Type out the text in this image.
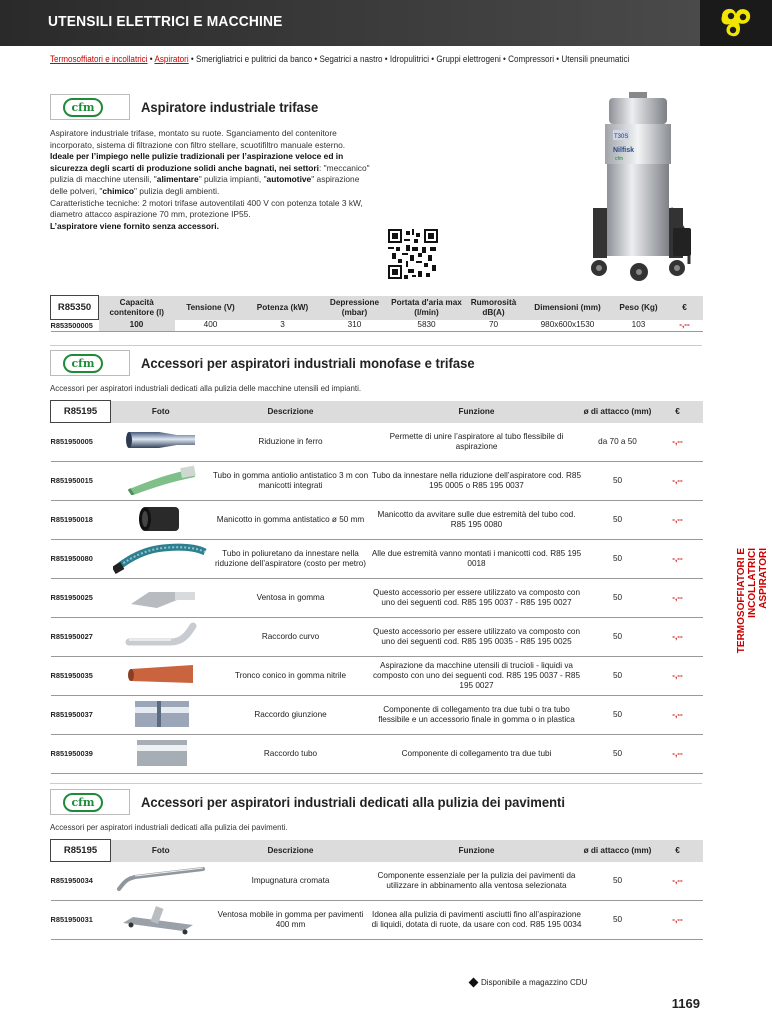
UTENSILI ELETTRICI E MACCHINE
Termosoffiatori e incollatrici • Aspiratori • Smerigliatrici e pulitrici da banco • Segatrici a nastro • Idropulitrici • Gruppi elettrogeni • Compressori • Utensili pneumatici
cfm	Aspiratore industriale trifase
Aspiratore industriale trifase, montato su ruote. Sganciamento del contenitore incorporato, sistema di filtrazione con filtro stellare, scuotifiltro manuale esterno. Ideale per l’impiego nelle pulizie tradizionali per l’aspirazione veloce ed in sicurezza degli scarti di produzione solidi anche bagnati, nei settori: "meccanico" pulizia di macchine utensili, "alimentare" pulizia impianti, "automotive" aspirazione delle polveri, "chimico" pulizia degli ambienti.
Caratteristiche tecniche: 2 motori trifase autoventilati 400 V con potenza totale 3 kW, diametro attacco aspirazione 70 mm, protezione IP55.
L’aspiratore viene fornito senza accessori.
T30S
Nilfisk
cfm
R85350	Capacità contenitore (l)	Tensione (V)	Potenza (kW)	Depressione (mbar)	Portata d'aria max (l/min)	Rumorosità dB(A)	Dimensioni (mm)	Peso (Kg)	€
R853500005	100	400	3	310	5830	70	980x600x1530	103	-,--
cfm	Accessori per aspiratori industriali monofase e trifase
Accessori per aspiratori industriali dedicati alla pulizia delle macchine utensili ed impianti.
R85195	Foto	Descrizione	Funzione	ø di attacco (mm)	€
R851950005		Riduzione in ferro	Permette di unire l’aspiratore al tubo flessibile di aspirazione	da 70 a 50	-,--
R851950015		Tubo in gomma antiolio antistatico 3 m con manicotti integrati	Tubo da innestare nella riduzione dell’aspiratore cod. R85 195 0005 o R85 195 0037	50	-,--
R851950018		Manicotto in gomma antistatico ø 50 mm	Manicotto da avvitare sulle due estremità del tubo cod. R85 195 0080	50	-,--
R851950080		Tubo in poliuretano da innestare nella riduzione dell’aspiratore (costo per metro)	Alle due estremità vanno montati i manicotti cod. R85 195 0018	50	-,--
R851950025		Ventosa in gomma	Questo accessorio per essere utilizzato va composto con uno dei seguenti cod. R85 195 0037 - R85 195 0027	50	-,--
R851950027		Raccordo curvo	Questo accessorio per essere utilizzato va composto con uno dei seguenti cod. R85 195 0035 - R85 195 0025	50	-,--
R851950035		Tronco conico in gomma nitrile	Aspirazione da macchine utensili di trucioli - liquidi va composto con uno dei seguenti cod. R85 195 0037 - R85 195 0027	50	-,--
R851950037		Raccordo giunzione	Componente di collegamento tra due tubi o tra tubo flessibile e un accessorio finale in gomma o in plastica	50	-,--
R851950039		Raccordo tubo	Componente di collegamento tra due tubi	50	-,--
cfm	Accessori per aspiratori industriali dedicati alla pulizia dei pavimenti
Accessori per aspiratori industriali dedicati alla pulizia dei pavimenti.
R85195	Foto	Descrizione	Funzione	ø di attacco (mm)	€
R851950034		Impugnatura cromata	Componente essenziale per la pulizia dei pavimenti da utilizzare in abbinamento alla ventosa selezionata	50	-,--
R851950031		Ventosa mobile in gomma per pavimenti 400 mm	Idonea alla pulizia di pavimenti asciutti fino all’aspirazione di liquidi, dotata di ruote, da usare con cod. R85 195 0034	50	-,--
TERMOSOFFIATORI E INCOLLATRICI ASPIRATORI
Disponibile a magazzino CDU
1169
